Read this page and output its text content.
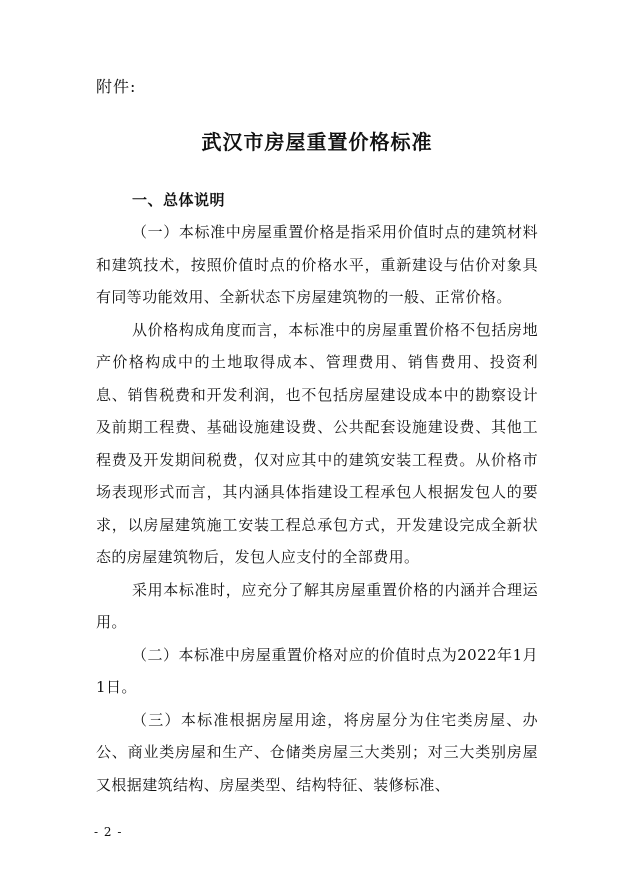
附件:
武汉市房屋重置价格标准
一、总体说明

（一）本标准中房屋重置价格是指采用价值时点的建筑材料和建筑技术，按照价值时点的价格水平，重新建设与估价对象具有同等功能效用、全新状态下房屋建筑物的一般、正常价格。

从价格构成角度而言，本标准中的房屋重置价格不包括房地产价格构成中的土地取得成本、管理费用、销售费用、投资利息、销售税费和开发利润，也不包括房屋建设成本中的勘察设计及前期工程费、基础设施建设费、公共配套设施建设费、其他工程费及开发期间税费，仅对应其中的建筑安装工程费。从价格市场表现形式而言，其内涵具体指建设工程承包人根据发包人的要求，以房屋建筑施工安装工程总承包方式，开发建设完成全新状态的房屋建筑物后，发包人应支付的全部费用。

采用本标准时，应充分了解其房屋重置价格的内涵并合理运用。

（二）本标准中房屋重置价格对应的价值时点为2022年1月1日。

（三）本标准根据房屋用途，将房屋分为住宅类房屋、办公、商业类房屋和生产、仓储类房屋三大类别；对三大类别房屋又根据建筑结构、房屋类型、结构特征、装修标准、

- 2 -
